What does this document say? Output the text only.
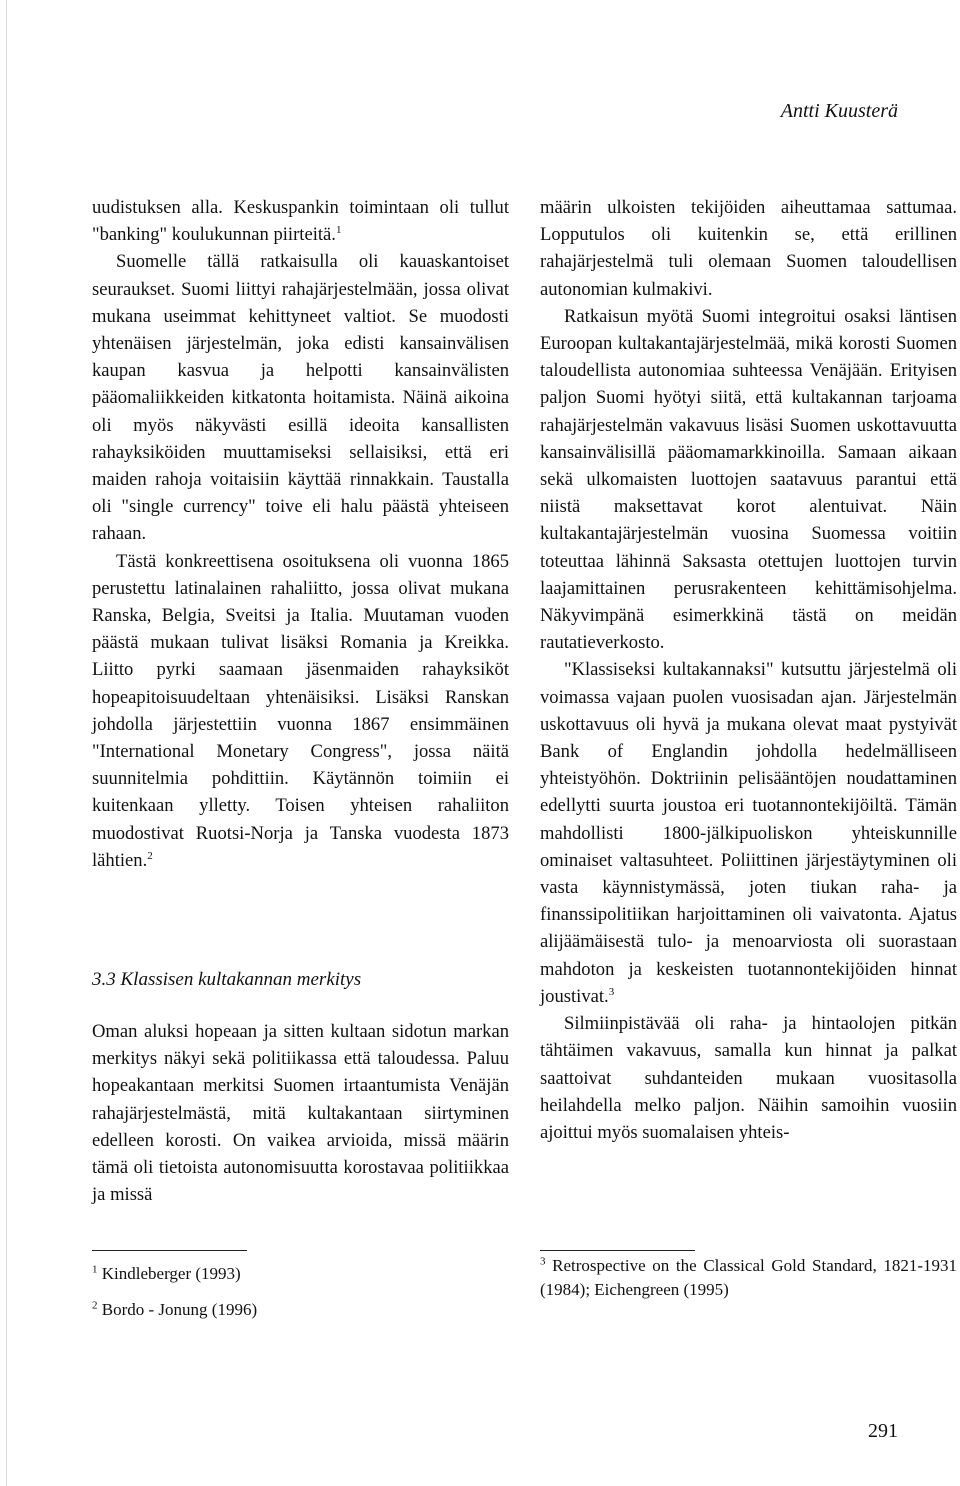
Antti Kuusterä

uudistuksen alla. Keskuspankin toimintaan oli tullut "banking" koulukunnan piirteitä.$^1$

Suomelle tällä ratkaisulla oli kauaskantoiset seuraukset. Suomi liittyi rahajärjestelmään, jossa olivat mukana useimmat kehittyneet valtiot. Se muodosti yhtenäisen järjestelmän, joka edisti kansainvälisen kaupan kasvua ja helpotti kansainvälisten pääomaliikkeiden kitkatonta hoitamista. Näinä aikoina oli myös näkyvästi esillä ideoita kansallisten rahayksiköiden muuttamiseksi sellaisiksi, että eri maiden rahoja voitaisiin käyttää rinnakkain. Taustalla oli "single currency" toive eli halu päästä yhteiseen rahaan.

Tästä konkreettisena osoituksena oli vuonna 1865 perustettu latinalainen rahaliitto, jossa olivat mukana Ranska, Belgia, Sveitsi ja Italia. Muutaman vuoden päästä mukaan tulivat lisäksi Romania ja Kreikka. Liitto pyrki saamaan jäsenmaiden rahayksiköt hopeapitoisuudeltaan yhtenäisiksi. Lisäksi Ranskan johdolla järjestettiin vuonna 1867 ensimmäinen "International Monetary Congress", jossa näitä suunnitelmia pohdittiin. Käytännön toimiin ei kuitenkaan ylletty. Toisen yhteisen rahaliiton muodostivat Ruotsi-Norja ja Tanska vuodesta 1873 lähtien.$^2$

3.3 Klassisen kultakannan merkitys

Oman aluksi hopeaan ja sitten kultaan sidotun markan merkitys näkyi sekä politiikassa että taloudessa. Paluu hopeakantaan merkitsi Suomen irtaantumista Venäjän rahajärjestelmästä, mitä kultakantaan siirtyminen edelleen korosti. On vaikea arvioida, missä määrin tämä oli tietoista autonomisuutta korostavaa politiikkaa ja missä

määrin ulkoisten tekijöiden aiheuttamaa sattumaa. Lopputulos oli kuitenkin se, että erillinen rahajärjestelmä tuli olemaan Suomen taloudellisen autonomian kulmakivi.

Ratkaisun myötä Suomi integroitui osaksi läntisen Euroopan kultakantajärjestelmää, mikä korosti Suomen taloudellista autonomiaa suhteessa Venäjään. Erityisen paljon Suomi hyötyi siitä, että kultakannan tarjoama rahajärjestelmän vakavuus lisäsi Suomen uskottavuutta kansainvälisillä pääomamarkkinoilla. Samaan aikaan sekä ulkomaisten luottojen saatavuus parantui että niistä maksettavat korot alentuivat. Näin kultakantajärjestelmän vuosina Suomessa voitiin toteuttaa lähinnä Saksasta otettujen luottojen turvin laajamittainen perusrakenteen kehittämisohjelma. Näkyvimpänä esimerkkinä tästä on meidän rautatieverkosto.

"Klassiseksi kultakannaksi" kutsuttu järjestelmä oli voimassa vajaan puolen vuosisadan ajan. Järjestelmän uskottavuus oli hyvä ja mukana olevat maat pystyivät Bank of Englandin johdolla hedelmälliseen yhteistyöhön. Doktriinin pelisääntöjen noudattaminen edellytti suurta joustoa eri tuotannontekijöiltä. Tämän mahdollisti 1800-jälkipuoliskon yhteiskunnille ominaiset valtasuhteet. Poliittinen järjestäytyminen oli vasta käynnistymässä, joten tiukan raha- ja finanssipolitiikan harjoittaminen oli vaivatonta. Ajatus alijäämäisestä tulo- ja menoarviosta oli suorastaan mahdoton ja keskeisten tuotannontekijöiden hinnat joustivat.$^3$

Silmiinpistävää oli raha- ja hintaolojen pitkän tähtäimen vakavuus, samalla kun hinnat ja palkat saattoivat suhdanteiden mukaan vuositasolla heilahdella melko paljon. Näihin samoihin vuosiin ajoittui myös suomalaisen yhteis-

$^1$ Kindleberger (1993)
$^2$ Bordo - Jonung (1996)
$^3$ Retrospective on the Classical Gold Standard, 1821-1931 (1984); Eichengreen (1995)
291
